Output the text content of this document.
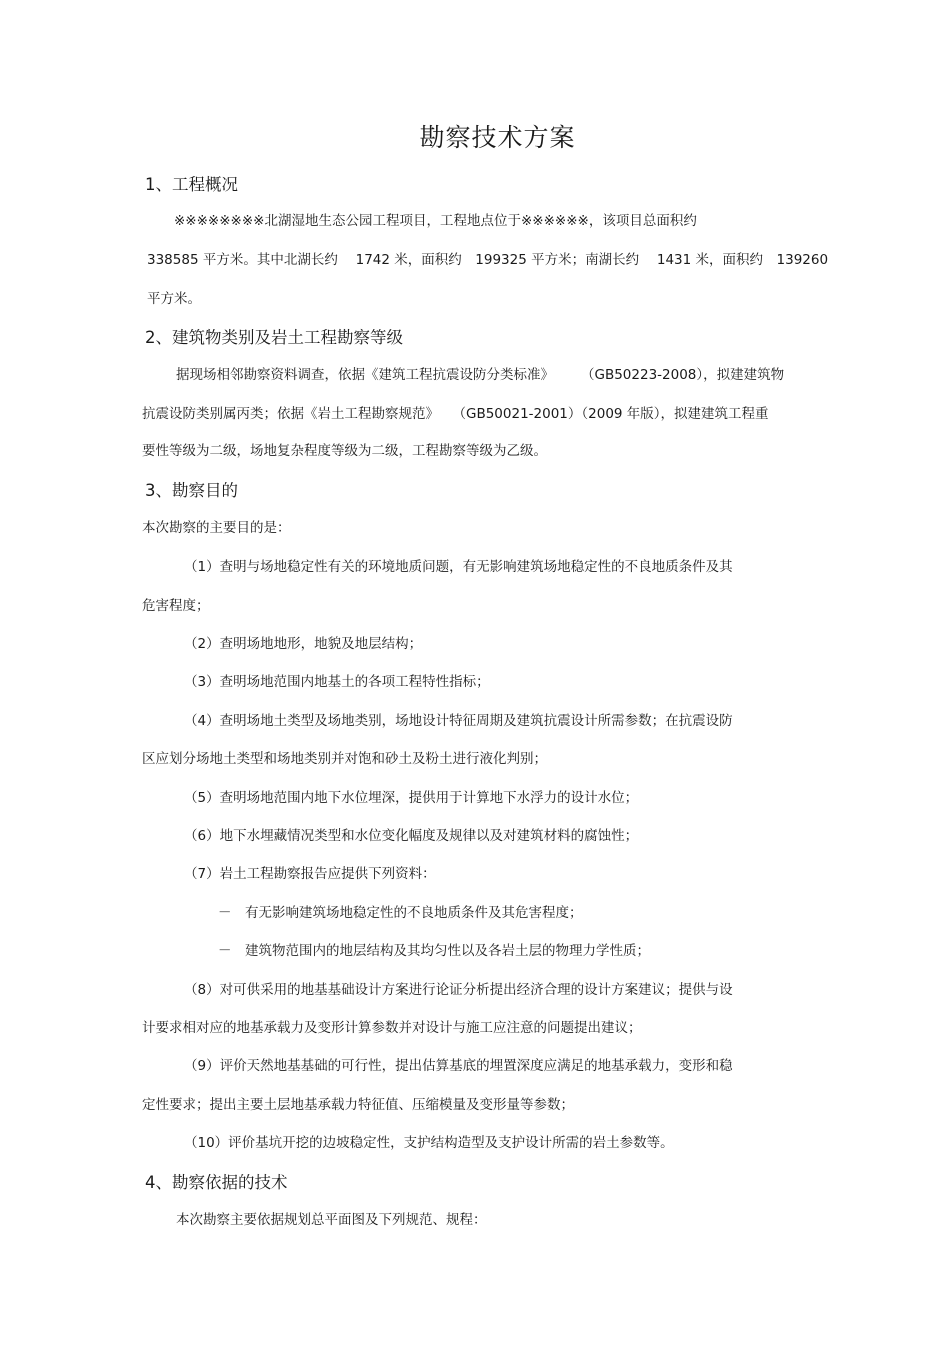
勘察技术方案
1、工程概况
※※※※※※※※北湖湿地生态公园工程项目，工程地点位于※※※※※※，该项目总面积约
338585 平方米。其中北湖长约　 1742 米，面积约　199325 平方米；南湖长约　 1431 米，面积约　139260
平方米。
2、建筑物类别及岩土工程勘察等级
据现场相邻勘察资料调查，依据《建筑工程抗震设防分类标准》　　　（GB50223-2008），拟建建筑物
抗震设防类别属丙类；依据《岩土工程勘察规范》　　（GB50021-2001）（2009 年版），拟建建筑工程重
要性等级为二级，场地复杂程度等级为二级，工程勘察等级为乙级。
3、勘察目的
本次勘察的主要目的是：
（1）查明与场地稳定性有关的环境地质问题，有无影响建筑场地稳定性的不良地质条件及其
危害程度；
（2）查明场地地形，地貌及地层结构；
（3）查明场地范围内地基土的各项工程特性指标；
（4）查明场地土类型及场地类别，场地设计特征周期及建筑抗震设计所需参数；在抗震设防
区应划分场地土类型和场地类别并对饱和砂土及粉土进行液化判别；
（5）查明场地范围内地下水位埋深，提供用于计算地下水浮力的设计水位；
（6）地下水埋藏情况类型和水位变化幅度及规律以及对建筑材料的腐蚀性；
（7）岩土工程勘察报告应提供下列资料：
－　有无影响建筑场地稳定性的不良地质条件及其危害程度；
－　建筑物范围内的地层结构及其均匀性以及各岩土层的物理力学性质；
（8）对可供采用的地基基础设计方案进行论证分析提出经济合理的设计方案建议；提供与设
计要求相对应的地基承载力及变形计算参数并对设计与施工应注意的问题提出建议；
（9）评价天然地基基础的可行性，提出估算基底的埋置深度应满足的地基承载力，变形和稳
定性要求；提出主要土层地基承载力特征值、压缩模量及变形量等参数；
（10）评价基坑开挖的边坡稳定性，支护结构造型及支护设计所需的岩土参数等。
4、勘察依据的技术
本次勘察主要依据规划总平面图及下列规范、规程：
